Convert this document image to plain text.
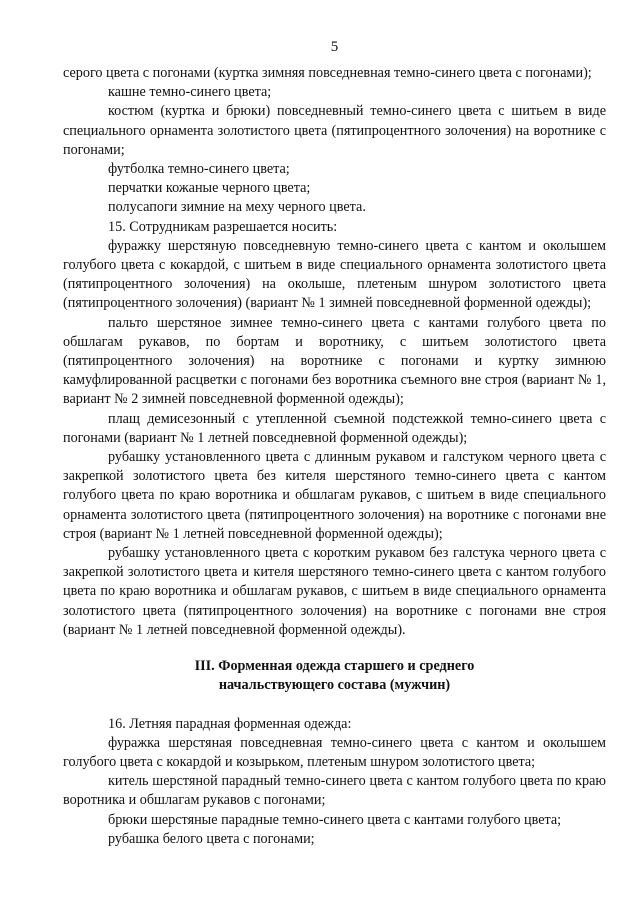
5

серого цвета с погонами (куртка зимняя повседневная темно-синего цвета с погонами);

кашне темно-синего цвета;

костюм (куртка и брюки) повседневный темно-синего цвета с шитьем в виде специального орнамента золотистого цвета (пятипроцентного золочения) на воротнике с погонами;

футболка темно-синего цвета;

перчатки кожаные черного цвета;

полусапоги зимние на меху черного цвета.

15. Сотрудникам разрешается носить:

фуражку шерстяную повседневную темно-синего цвета с кантом и околышем голубого цвета с кокардой, с шитьем в виде специального орнамента золотистого цвета (пятипроцентного золочения) на околыше, плетеным шнуром золотистого цвета (пятипроцентного золочения) (вариант № 1 зимней повседневной форменной одежды);

пальто шерстяное зимнее темно-синего цвета с кантами голубого цвета по обшлагам рукавов, по бортам и воротнику, с шитьем золотистого цвета (пятипроцентного золочения) на воротнике с погонами и куртку зимнюю камуфлированной расцветки с погонами без воротника съемного вне строя (вариант № 1, вариант № 2 зимней повседневной форменной одежды);

плащ демисезонный с утепленной съемной подстежкой темно-синего цвета с погонами (вариант № 1 летней повседневной форменной одежды);

рубашку установленного цвета с длинным рукавом и галстуком черного цвета с закрепкой золотистого цвета без кителя шерстяного темно-синего цвета с кантом голубого цвета по краю воротника и обшлагам рукавов, с шитьем в виде специального орнамента золотистого цвета (пятипроцентного золочения) на воротнике с погонами вне строя (вариант № 1 летней повседневной форменной одежды);

рубашку установленного цвета с коротким рукавом без галстука черного цвета с закрепкой золотистого цвета и кителя шерстяного темно-синего цвета с кантом голубого цвета по краю воротника и обшлагам рукавов, с шитьем в виде специального орнамента золотистого цвета (пятипроцентного золочения) на воротнике с погонами вне строя (вариант № 1 летней повседневной форменной одежды).

III. Форменная одежда старшего и среднего
начальствующего состава (мужчин)

16. Летняя парадная форменная одежда:

фуражка шерстяная повседневная темно-синего цвета с кантом и околышем голубого цвета с кокардой и козырьком, плетеным шнуром золотистого цвета;

китель шерстяной парадный темно-синего цвета с кантом голубого цвета по краю воротника и обшлагам рукавов с погонами;

брюки шерстяные парадные темно-синего цвета с кантами голубого цвета;

рубашка белого цвета с погонами;
